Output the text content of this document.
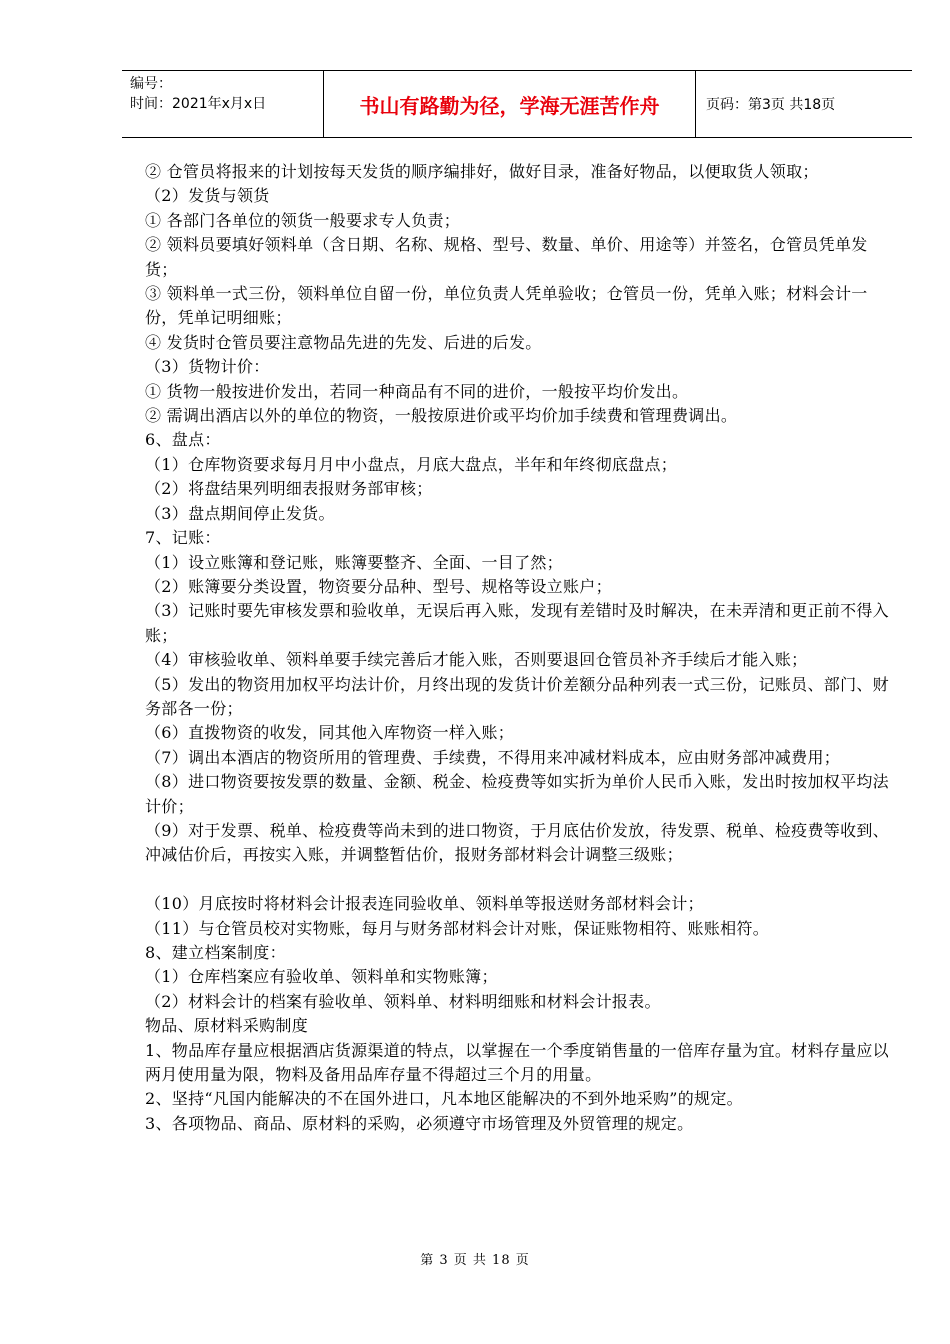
编号：
时间：2021年x月x日	书山有路勤为径，学海无涯苦作舟	页码：第3页 共18页

② 仓管员将报来的计划按每天发货的顺序编排好，做好目录，准备好物品，以便取货人领取；

（2）发货与领货

① 各部门各单位的领货一般要求专人负责；

② 领料员要填好领料单（含日期、名称、规格、型号、数量、单价、用途等）并签名，仓管员凭单发货；

③ 领料单一式三份，领料单位自留一份，单位负责人凭单验收；仓管员一份，凭单入账；材料会计一份，凭单记明细账；

④ 发货时仓管员要注意物品先进的先发、后进的后发。

（3）货物计价：

① 货物一般按进价发出，若同一种商品有不同的进价，一般按平均价发出。

② 需调出酒店以外的单位的物资，一般按原进价或平均价加手续费和管理费调出。

6、盘点：

（1）仓库物资要求每月月中小盘点，月底大盘点，半年和年终彻底盘点；

（2）将盘结果列明细表报财务部审核；

（3）盘点期间停止发货。

7、记账：

（1）设立账簿和登记账，账簿要整齐、全面、一目了然；

（2）账簿要分类设置，物资要分品种、型号、规格等设立账户；

（3）记账时要先审核发票和验收单，无误后再入账，发现有差错时及时解决，在未弄清和更正前不得入账；

（4）审核验收单、领料单要手续完善后才能入账，否则要退回仓管员补齐手续后才能入账；

（5）发出的物资用加权平均法计价，月终出现的发货计价差额分品种列表一式三份，记账员、部门、财务部各一份；

（6）直拨物资的收发，同其他入库物资一样入账；

（7）调出本酒店的物资所用的管理费、手续费，不得用来冲减材料成本，应由财务部冲减费用；

（8）进口物资要按发票的数量、金额、税金、检疫费等如实折为单价人民币入账，发出时按加权平均法计价；

（9）对于发票、税单、检疫费等尚未到的进口物资，于月底估价发放，待发票、税单、检疫费等收到、冲减估价后，再按实入账，并调整暂估价，报财务部材料会计调整三级账；

（10）月底按时将材料会计报表连同验收单、领料单等报送财务部材料会计；

（11）与仓管员校对实物账，每月与财务部材料会计对账，保证账物相符、账账相符。

8、建立档案制度：

（1）仓库档案应有验收单、领料单和实物账簿；

（2）材料会计的档案有验收单、领料单、材料明细账和材料会计报表。

物品、原材料采购制度

1、物品库存量应根据酒店货源渠道的特点，以掌握在一个季度销售量的一倍库存量为宜。材料存量应以两月使用量为限，物料及备用品库存量不得超过三个月的用量。

2、坚持“凡国内能解决的不在国外进口，凡本地区能解决的不到外地采购”的规定。

3、各项物品、商品、原材料的采购，必须遵守市场管理及外贸管理的规定。

第 3 页 共 18 页
